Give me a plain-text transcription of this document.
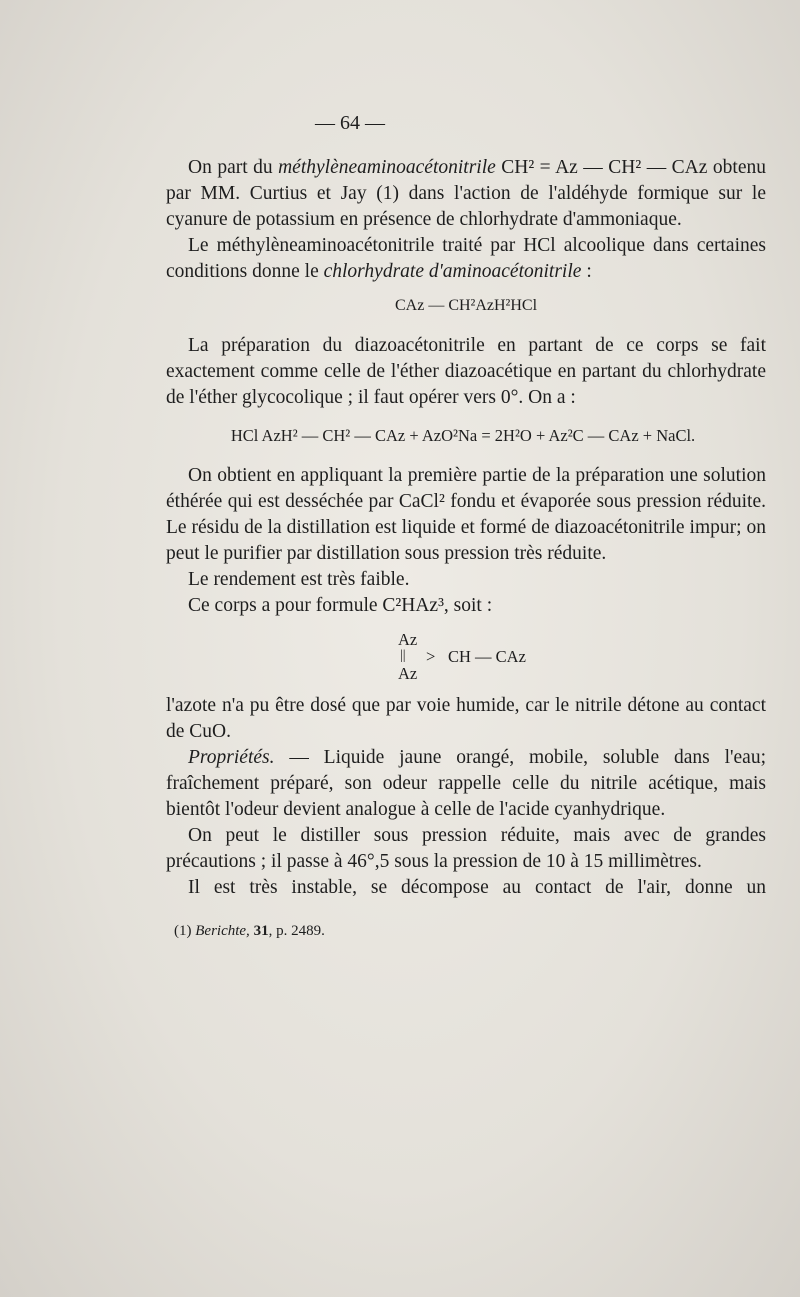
— 64 —

On part du méthylèneaminoacétonitrile CH² = Az — CH² — CAz obtenu par MM. Curtius et Jay (1) dans l'action de l'aldéhyde formique sur le cyanure de potassium en présence de chlorhydrate d'ammoniaque.

Le méthylèneaminoacétonitrile traité par HCl alcoolique dans certaines conditions donne le chlorhydrate d'aminoacétonitrile :

CAz — CH²AzH²HCl

La préparation du diazoacétonitrile en partant de ce corps se fait exactement comme celle de l'éther diazoacétique en partant du chlorhydrate de l'éther glycocolique ; il faut opérer vers 0°. On a :

HCl AzH² — CH² — CAz + AzO²Na = 2H²O + Az²C — CAz + NaCl.

On obtient en appliquant la première partie de la préparation une solution éthérée qui est desséchée par CaCl² fondu et évaporée sous pression réduite. Le résidu de la distillation est liquide et formé de diazoacétonitrile impur; on peut le purifier par distillation sous pression très réduite.

Le rendement est très faible.

Ce corps a pour formule C²HAz³, soit :

Az
||
Az
> CH — CAz

l'azote n'a pu être dosé que par voie humide, car le nitrile détone au contact de CuO.

Propriétés. — Liquide jaune orangé, mobile, soluble dans l'eau; fraîchement préparé, son odeur rappelle celle du nitrile acétique, mais bientôt l'odeur devient analogue à celle de l'acide cyanhydrique.

On peut le distiller sous pression réduite, mais avec de grandes précautions ; il passe à 46°,5 sous la pression de 10 à 15 millimètres.

Il est très instable, se décompose au contact de l'air, donne un

(1) Berichte, 31, p. 2489.
